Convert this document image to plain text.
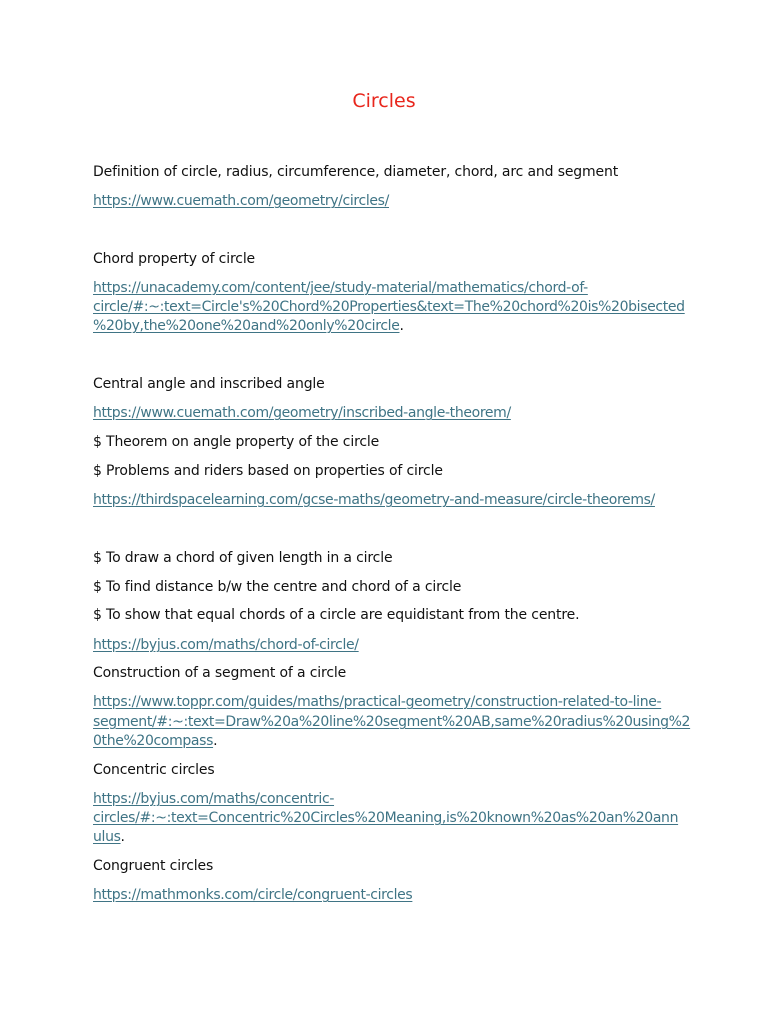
Circles
Definition of circle, radius, circumference, diameter, chord, arc and segment
https://www.cuemath.com/geometry/circles/
Chord property of circle
https://unacademy.com/content/jee/study-material/mathematics/chord-of-
circle/#:~:text=Circle's%20Chord%20Properties&text=The%20chord%20is%20bisected
%20by,the%20one%20and%20only%20circle.
Central angle and inscribed angle
https://www.cuemath.com/geometry/inscribed-angle-theorem/
$ Theorem on angle property of the circle
$ Problems and riders based on properties of circle
https://thirdspacelearning.com/gcse-maths/geometry-and-measure/circle-theorems/
$ To draw a chord of given length in a circle
$ To find distance b/w the centre and chord of a circle
$ To show that equal chords of a circle are equidistant from the centre.
https://byjus.com/maths/chord-of-circle/
Construction of a segment of a circle
https://www.toppr.com/guides/maths/practical-geometry/construction-related-to-line-
segment/#:~:text=Draw%20a%20line%20segment%20AB,same%20radius%20using%2
0the%20compass.
Concentric circles
https://byjus.com/maths/concentric-
circles/#:~:text=Concentric%20Circles%20Meaning,is%20known%20as%20an%20ann
ulus.
Congruent circles
https://mathmonks.com/circle/congruent-circles
